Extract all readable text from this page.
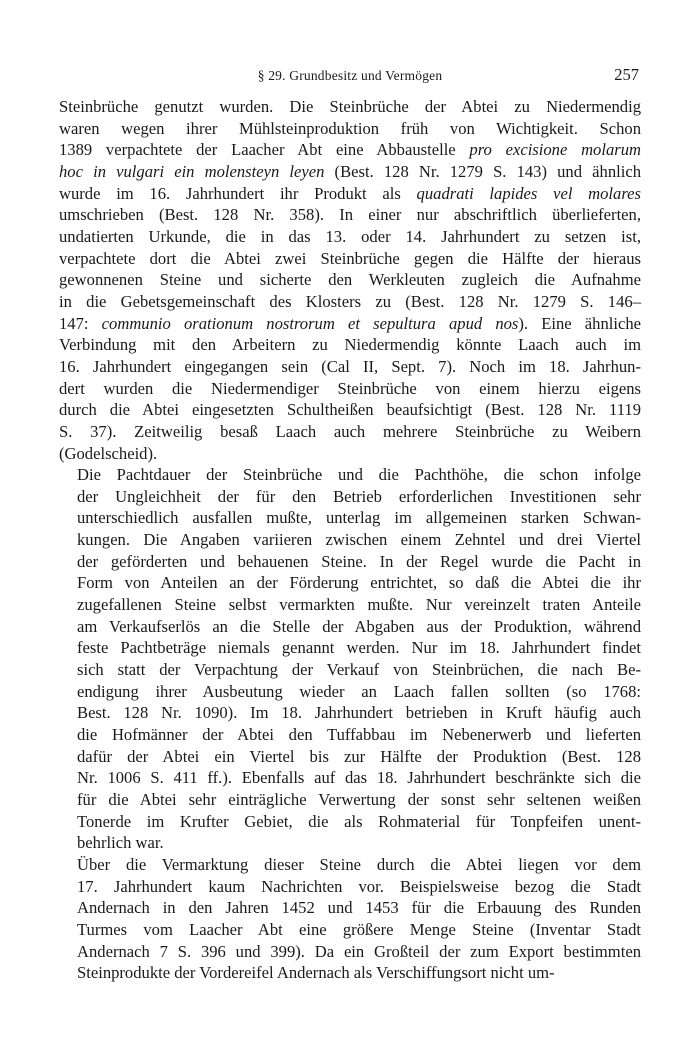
§ 29. Grundbesitz und Vermögen	257

Steinbrüche genutzt wurden. Die Steinbrüche der Abtei zu Niedermendig
waren wegen ihrer Mühlsteinproduktion früh von Wichtigkeit. Schon
1389 verpachtete der Laacher Abt eine Abbaustelle pro excisione molarum
hoc in vulgari ein molensteyn leyen (Best. 128 Nr. 1279 S. 143) und ähnlich
wurde im 16. Jahrhundert ihr Produkt als quadrati lapides vel molares
umschrieben (Best. 128 Nr. 358). In einer nur abschriftlich überlieferten,
undatierten Urkunde, die in das 13. oder 14. Jahrhundert zu setzen ist,
verpachtete dort die Abtei zwei Steinbrüche gegen die Hälfte der hieraus
gewonnenen Steine und sicherte den Werkleuten zugleich die Aufnahme
in die Gebetsgemeinschaft des Klosters zu (Best. 128 Nr. 1279 S. 146–
147: communio orationum nostrorum et sepultura apud nos). Eine ähnliche
Verbindung mit den Arbeitern zu Niedermendig könnte Laach auch im
16. Jahrhundert eingegangen sein (Cal II, Sept. 7). Noch im 18. Jahrhun-
dert wurden die Niedermendiger Steinbrüche von einem hierzu eigens
durch die Abtei eingesetzten Schultheißen beaufsichtigt (Best. 128 Nr. 1119
S. 37). Zeitweilig besaß Laach auch mehrere Steinbrüche zu Weibern
(Godelscheid).

Die Pachtdauer der Steinbrüche und die Pachthöhe, die schon infolge
der Ungleichheit der für den Betrieb erforderlichen Investitionen sehr
unterschiedlich ausfallen mußte, unterlag im allgemeinen starken Schwan-
kungen. Die Angaben variieren zwischen einem Zehntel und drei Viertel
der geförderten und behauenen Steine. In der Regel wurde die Pacht in
Form von Anteilen an der Förderung entrichtet, so daß die Abtei die ihr
zugefallenen Steine selbst vermarkten mußte. Nur vereinzelt traten Anteile
am Verkaufserlös an die Stelle der Abgaben aus der Produktion, während
feste Pachtbeträge niemals genannt werden. Nur im 18. Jahrhundert findet
sich statt der Verpachtung der Verkauf von Steinbrüchen, die nach Be-
endigung ihrer Ausbeutung wieder an Laach fallen sollten (so 1768:
Best. 128 Nr. 1090). Im 18. Jahrhundert betrieben in Kruft häufig auch
die Hofmänner der Abtei den Tuffabbau im Nebenerwerb und lieferten
dafür der Abtei ein Viertel bis zur Hälfte der Produktion (Best. 128
Nr. 1006 S. 411 ff.). Ebenfalls auf das 18. Jahrhundert beschränkte sich die
für die Abtei sehr einträgliche Verwertung der sonst sehr seltenen weißen
Tonerde im Krufter Gebiet, die als Rohmaterial für Tonpfeifen unent-
behrlich war.

Über die Vermarktung dieser Steine durch die Abtei liegen vor dem
17. Jahrhundert kaum Nachrichten vor. Beispielsweise bezog die Stadt
Andernach in den Jahren 1452 und 1453 für die Erbauung des Runden
Turmes vom Laacher Abt eine größere Menge Steine (Inventar Stadt
Andernach 7 S. 396 und 399). Da ein Großteil der zum Export bestimmten
Steinprodukte der Vordereifel Andernach als Verschiffungsort nicht um-
